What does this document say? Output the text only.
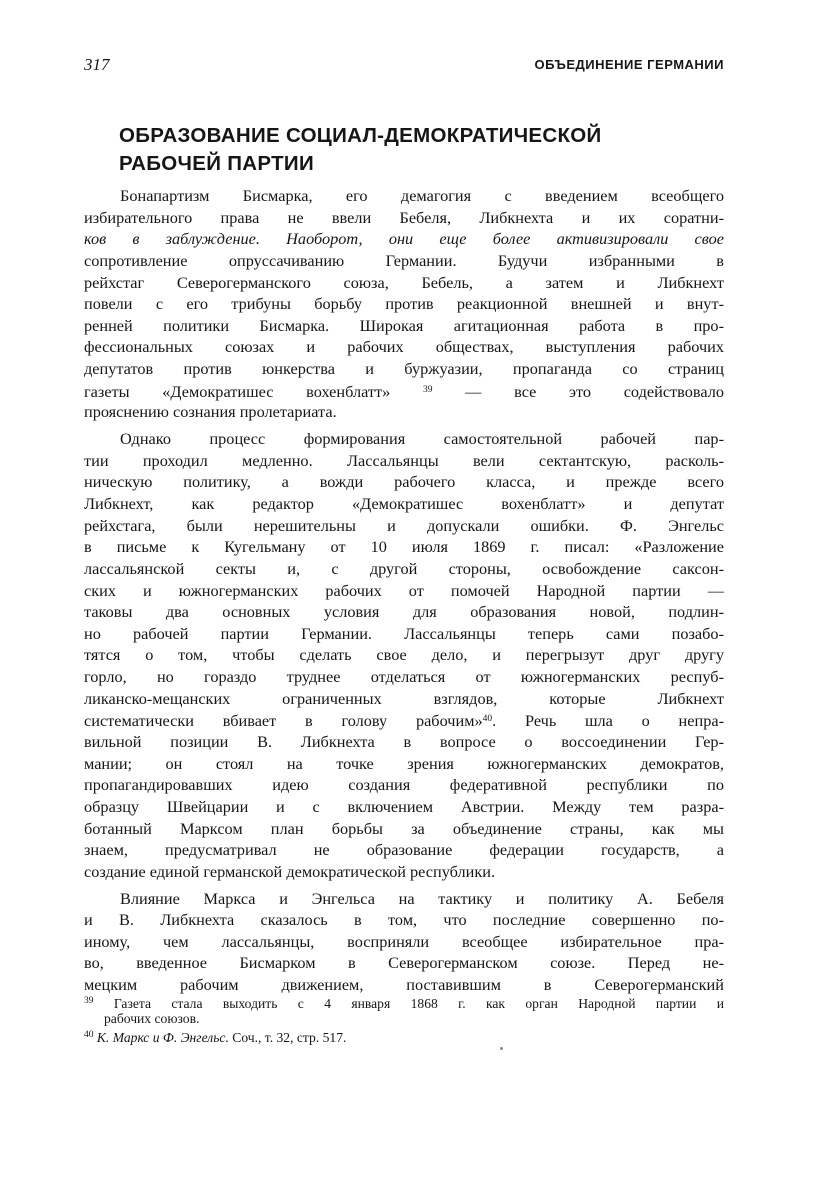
317	ОБЪЕДИНЕНИЕ ГЕРМАНИИ
ОБРАЗОВАНИЕ СОЦИАЛ-ДЕМОКРАТИЧЕСКОЙ
РАБОЧЕЙ ПАРТИИ
Бонапартизм Бисмарка, его демагогия с введением всеобщего
избирательного права не ввели Бебеля, Либкнехта и их соратни-
ков в заблуждение. Наоборот, они еще более активизировали свое
сопротивление опруссачиванию Германии. Будучи избранными в
рейхстаг Северогерманского союза, Бебель, а затем и Либкнехт
повели с его трибуны борьбу против реакционной внешней и внут-
ренней политики Бисмарка. Широкая агитационная работа в про-
фессиональных союзах и рабочих обществах, выступления рабочих
депутатов против юнкерства и буржуазии, пропаганда со страниц
газеты «Демократишес вохенблатт»	$^{39}$ — все это содействовало
прояснению сознания пролетариата.
Однако процесс формирования самостоятельной рабочей пар-
тии проходил медленно. Лассальянцы вели сектантскую, расколь-
ническую политику, а вожди рабочего класса, и прежде всего
Либкнехт, как редактор «Демократишес вохенблатт» и депутат
рейхстага, были нерешительны и допускали ошибки. Ф. Энгельс
в письме к Кугельману от 10 июля 1869 г. писал: «Разложение
лассальянской секты и, с другой стороны, освобождение саксон-
ских и южногерманских рабочих от помочей Народной партии —
таковы два основных условия для образования новой, подлин-
но рабочей партии Германии. Лассальянцы теперь сами позабо-
тятся о том, чтобы сделать свое дело, и перегрызут друг другу
горло, но гораздо труднее отделаться от южногерманских респуб-
ликанско-мещанских ограниченных взглядов, которые Либкнехт
систематически вбивает в голову рабочим»$^{40}$. Речь шла о непра-
вильной позиции В. Либкнехта в вопросе о воссоединении Гер-
мании; он стоял на точке зрения южногерманских демократов,
пропагандировавших идею создания федеративной республики по
образцу Швейцарии и с включением Австрии. Между тем разра-
ботанный Марксом план борьбы за объединение страны, как мы
знаем, предусматривал не образование федерации государств, а
создание единой германской демократической республики.
Влияние Маркса и Энгельса на тактику и политику А. Бебеля
и В. Либкнехта сказалось в том, что последние совершенно по-
иному, чем лассальянцы, восприняли всеобщее избирательное пра-
во, введенное Бисмарком в Северогерманском союзе. Перед не-
мецким рабочим движением, поставившим в Северогерманский
$^{39}$ Газета стала выходить с 4 января 1868 г. как орган Народной партии и
рабочих союзов.
$^{40}$ К. Маркс и Ф. Энгельс. Соч., т. 32, стр. 517.
